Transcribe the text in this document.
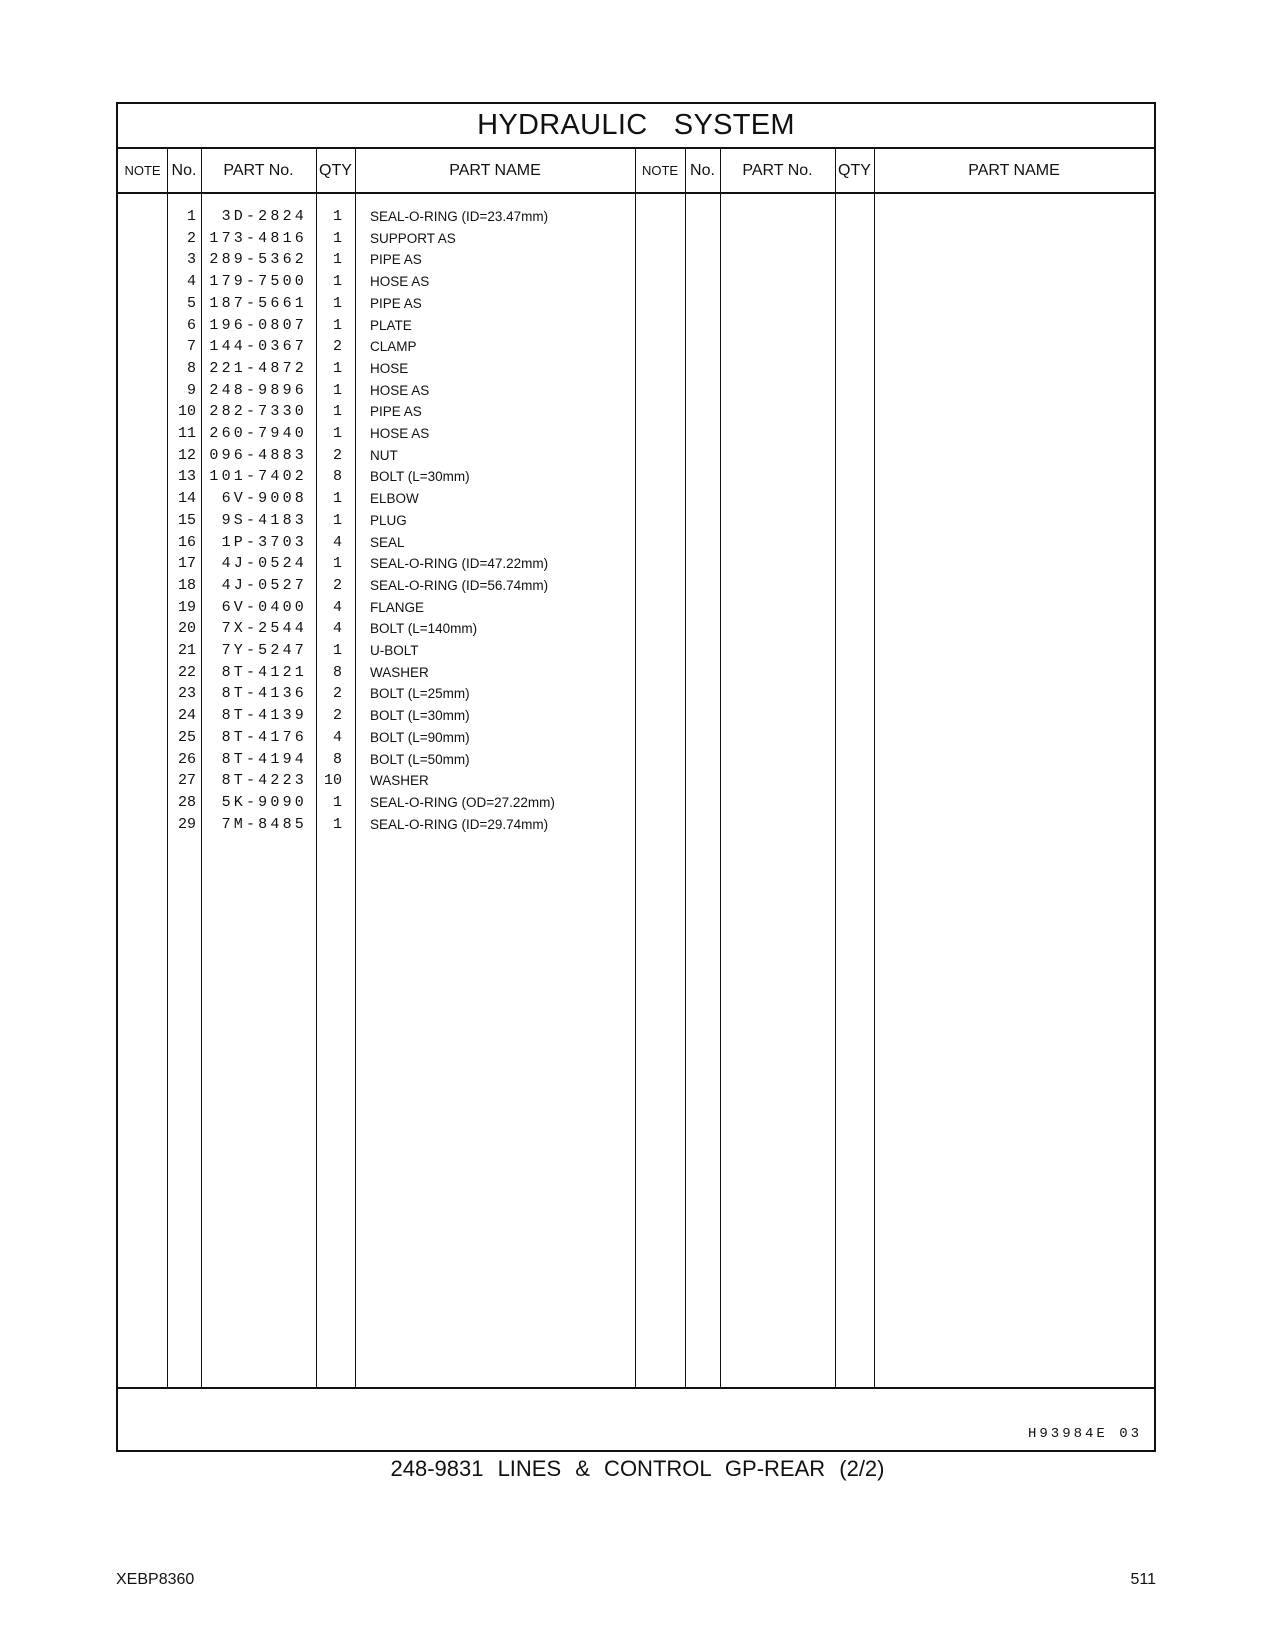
HYDRAULIC SYSTEM
NOTE No.	PART No.	QTY	PART NAME	NOTE No.	PART No.	QTY	PART NAME
1	3D-2824	1 SEAL-O-RING (ID=23.47mm)
2 173-4816	1 SUPPORT AS
3 289-5362	1 PIPE AS
4 179-7500	1 HOSE AS
5 187-5661	1 PIPE AS
6 196-0807	1 PLATE
7 144-0367	2 CLAMP
8 221-4872	1 HOSE
9 248-9896	1 HOSE AS
10 282-7330	1 PIPE AS
11 260-7940	1 HOSE AS
12 096-4883	2 NUT
13 101-7402	8 BOLT (L=30mm)
14	6V-9008	1 ELBOW
15	9S-4183	1 PLUG
16	1P-3703	4 SEAL
17	4J-0524	1 SEAL-O-RING (ID=47.22mm)
18	4J-0527	2 SEAL-O-RING (ID=56.74mm)
19	6V-0400	4 FLANGE
20	7X-2544	4 BOLT (L=140mm)
21	7Y-5247	1 U-BOLT
22	8T-4121	8 WASHER
23	8T-4136	2 BOLT (L=25mm)
24	8T-4139	2 BOLT (L=30mm)
25	8T-4176	4 BOLT (L=90mm)
26	8T-4194	8 BOLT (L=50mm)
27	8T-4223	10 WASHER
28	5K-9090	1 SEAL-O-RING (OD=27.22mm)
29	7M-8485	1 SEAL-O-RING (ID=29.74mm)
H93984E 03
248-9831 LINES & CONTROL GP-REAR (2/2)
XEBP8360	511
